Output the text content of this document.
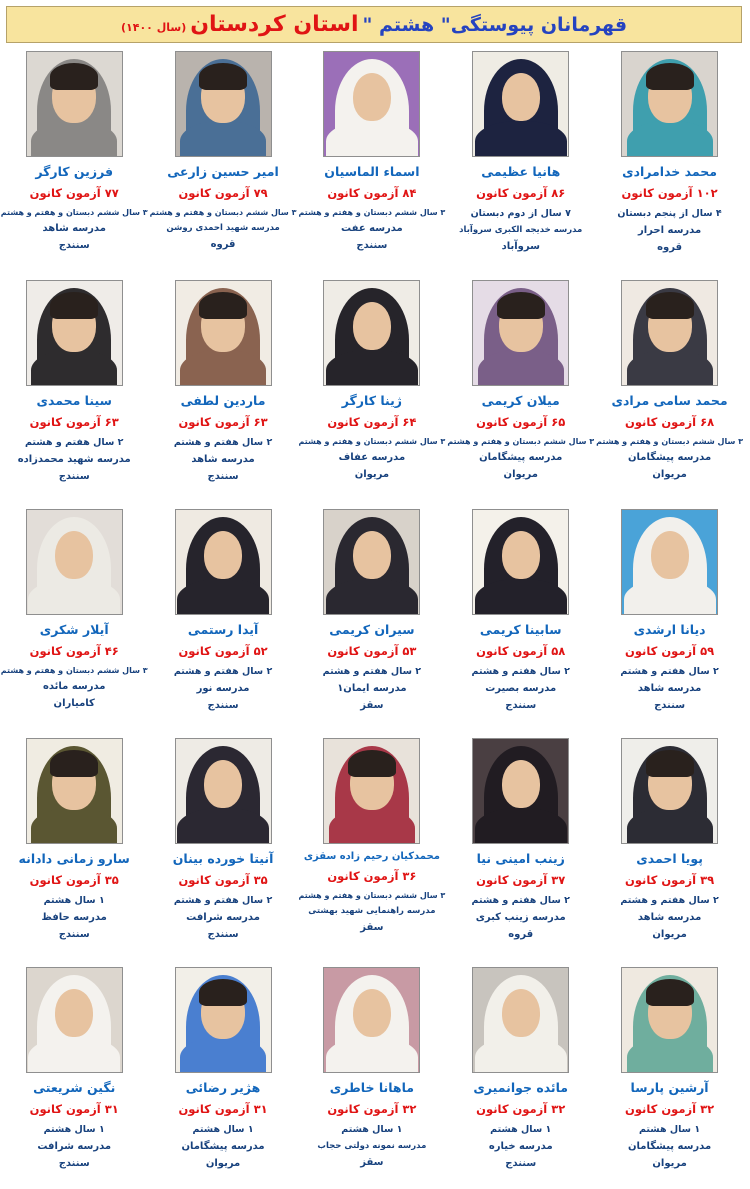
قهرمانان پیوستگی" هشتم "
استان کردستان
(سال ۱۴۰۰)
محمد خدامرادی
۱۰۲ آزمون کانون
۴ سال از پنجم دبستان
مدرسه احرار
قروه
هانیا عظیمی
۸۶ آزمون کانون
۷ سال از دوم دبستان
مدرسه خدیجه الکبری سروآباد
سروآباد
اسماء الماسیان
۸۴ آزمون کانون
۳ سال ششم دبستان و هفتم و هشتم
مدرسه عفت
سنندج
امیر حسین زارعی
۷۹ آزمون کانون
۳ سال ششم دبستان و هفتم و هشتم
مدرسه شهید احمدی روشن
قروه
فرزین کارگر
۷۷ آزمون کانون
۳ سال ششم دبستان و هفتم و هشتم
مدرسه شاهد
سنندج
محمد سامی مرادی
۶۸ آزمون کانون
۳ سال ششم دبستان و هفتم و هشتم
مدرسه پیشگامان
مریوان
میلان کریمی
۶۵ آزمون کانون
۳ سال ششم دبستان و هفتم و هشتم
مدرسه پیشگامان
مریوان
ژینا کارگر
۶۴ آزمون کانون
۳ سال ششم دبستان و هفتم و هشتم
مدرسه عفاف
مریوان
ماردین لطفی
۶۳ آزمون کانون
۲ سال هفتم و هشتم
مدرسه شاهد
سنندج
سینا محمدی
۶۳ آزمون کانون
۲ سال هفتم و هشتم
مدرسه شهید محمدزاده
سنندج
دیانا ارشدی
۵۹ آزمون کانون
۲ سال هفتم و هشتم
مدرسه شاهد
سنندج
سابینا کریمی
۵۸ آزمون کانون
۲ سال هفتم و هشتم
مدرسه بصیرت
سنندج
سیران کریمی
۵۳ آزمون کانون
۲ سال هفتم و هشتم
مدرسه ایمان۱
سقز
آیدا رستمی
۵۲ آزمون کانون
۲ سال هفتم و هشتم
مدرسه نور
سنندج
آیلار شکری
۴۶ آزمون کانون
۳ سال ششم دبستان و هفتم و هشتم
مدرسه مائده
کامیاران
پویا احمدی
۳۹ آزمون کانون
۲ سال هفتم و هشتم
مدرسه شاهد
مریوان
زینب امینی نیا
۳۷ آزمون کانون
۲ سال هفتم و هشتم
مدرسه زینب کبری
قروه
محمدکیان رحیم زاده سقزی
۳۶ آزمون کانون
۳ سال ششم دبستان و هفتم و هشتم
مدرسه راهنمایی شهید بهشتی
سقز
آنیتا خورده بینان
۳۵ آزمون کانون
۲ سال هفتم و هشتم
مدرسه شرافت
سنندج
سارو زمانی دادانه
۳۵ آزمون کانون
۱ سال هشتم
مدرسه حافظ
سنندج
آرشین پارسا
۳۲ آزمون کانون
۱ سال هشتم
مدرسه پیشگامان
مریوان
مائده جوانمیری
۳۲ آزمون کانون
۱ سال هشتم
مدرسه خیاره
سنندج
ماهانا خاطری
۳۲ آزمون کانون
۱ سال هشتم
مدرسه نمونه دولتی حجاب
سقز
هژیر رضائی
۳۱ آزمون کانون
۱ سال هشتم
مدرسه پیشگامان
مریوان
نگین شریعتی
۳۱ آزمون کانون
۱ سال هشتم
مدرسه شرافت
سنندج
